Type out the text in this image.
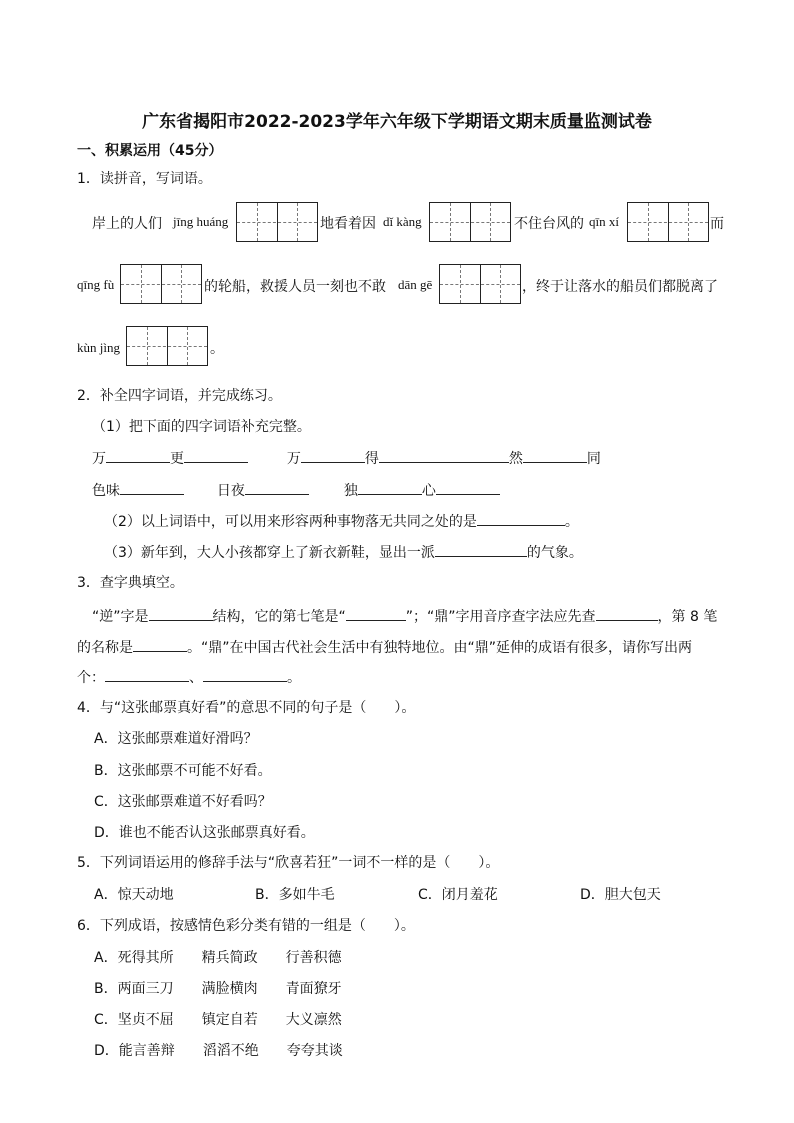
广东省揭阳市2022-2023学年六年级下学期语文期末质量监测试卷
一、积累运用（45分）
1．读拼音，写词语。
岸上的人们 jīng huáng	地看着因 dǐ kàng	不住台风的 qīn xí	而
qīng fù	的轮船，救援人员一刻也不敢 dān gē	，终于让落水的船员们都脱离了
kùn jìng	。
2．补全四字词语，并完成练习。
（1）把下面的四字词语补充完整。
万	更	万	得	然	同
色味	日夜	独	心
（2）以上词语中，可以用来形容两种事物落无共同之处的是	。
（3）新年到，大人小孩都穿上了新衣新鞋，显出一派	的气象。
3．查字典填空。
“逆”字是	结构，它的第七笔是“	”；“鼎”字用音序查字法应先查	，第 8 笔
的名称是	。“鼎”在中国古代社会生活中有独特地位。由“鼎”延伸的成语有很多，请你写出两
个：	、	。
4．与“这张邮票真好看”的意思不同的句子是（　　）。
A．这张邮票难道好滑吗？
B．这张邮票不可能不好看。
C．这张邮票难道不好看吗？
D．谁也不能否认这张邮票真好看。
5．下列词语运用的修辞手法与“欣喜若狂”一词不一样的是（　　）。
A．惊天动地	B．多如牛毛	C．闭月羞花	D．胆大包天
6．下列成语，按感情色彩分类有错的一组是（　　）。
A．死得其所 精兵简政 行善积德
B．两面三刀 满脸横肉 青面獠牙
C．坚贞不屈 镇定自若 大义凛然
D．能言善辩 滔滔不绝 夸夸其谈
